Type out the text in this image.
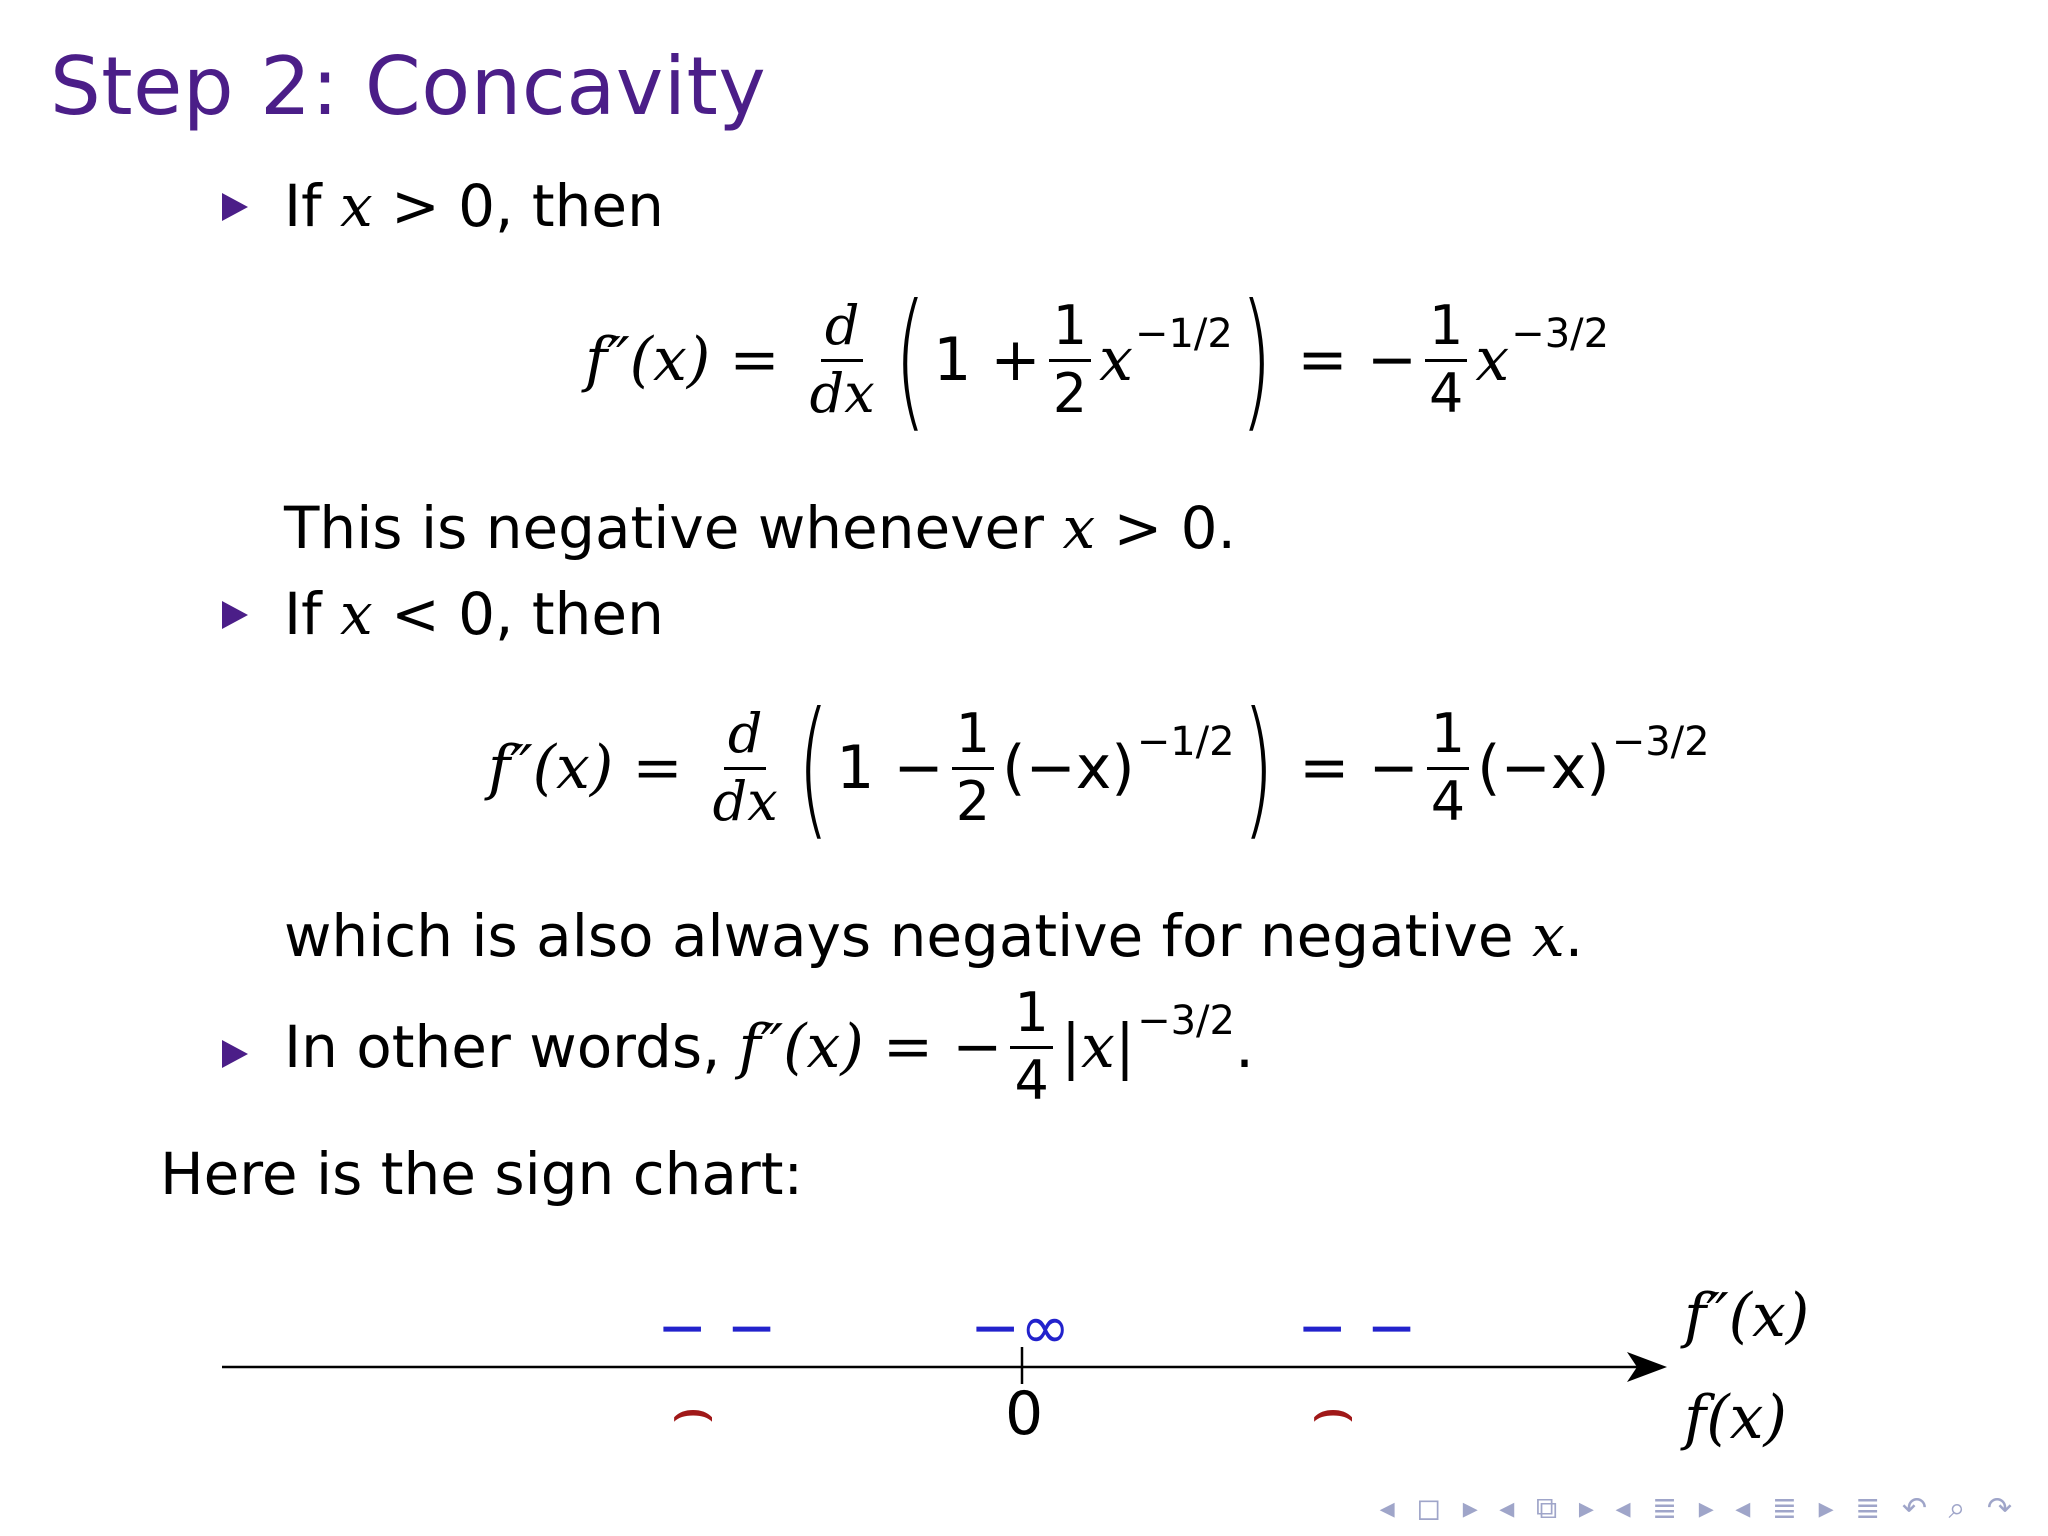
Step 2: Concavity
If x > 0, then
$f''(x) = \frac{d}{dx}$ ( $1 + \frac{1}{2}$ x −1/2 ) = − $\frac{1}{4}$ x −3/2
This is negative whenever x > 0.
If x < 0, then
$f''(x) = \frac{d}{dx}$ ( $1 - \frac{1}{2} (-x) -1/2$ ) = − $\frac{1}{4} (-x) -3/2$
which is also always negative for negative x.
In other words, f″(x) = − $\frac{1}{4} |x| -3/2$ .
Here is the sign chart:
− −	−∞	− −
⌢	⌢
0
f″(x)
f(x)
◂ ◻ ▸ ◂ ⧉ ▸ ◂ ≣ ▸ ◂ ≣ ▸ ≣ ↶ ⌕ ↷
